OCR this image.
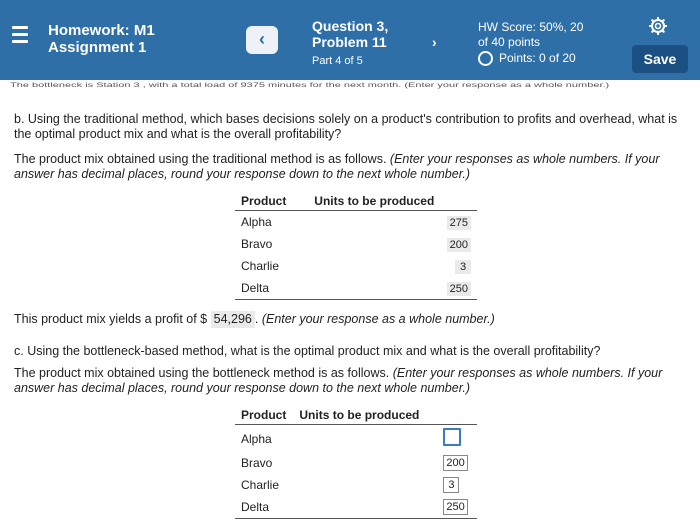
Homework: M1
Assignment 1	‹
Question 3,
Problem 11
Part 4 of 5
›
HW Score: 50%, 20
of 40 points
Points: 0 of 20	Save
The bottleneck is Station 3 , with a total load of 9375 minutes for the next month. (Enter your response as a whole number.)
b. Using the traditional method, which bases decisions solely on a product's contribution to profits and overhead, what is the optimal product mix and what is the overall profitability?
The product mix obtained using the traditional method is as follows. (Enter your responses as whole numbers. If your answer has decimal places, round your response down to the next whole number.)
Product	Units to be produced
Alpha	275
Bravo	200
Charlie	3
Delta	250
This product mix yields a profit of $ 54,296 . (Enter your response as a whole number.)
c. Using the bottleneck-based method, what is the optimal product mix and what is the overall profitability?
The product mix obtained using the bottleneck method is as follows. (Enter your responses as whole numbers. If your answer has decimal places, round your response down to the next whole number.)
Product	Units to be produced
Alpha	
Bravo	200
Charlie	3
Delta	250
